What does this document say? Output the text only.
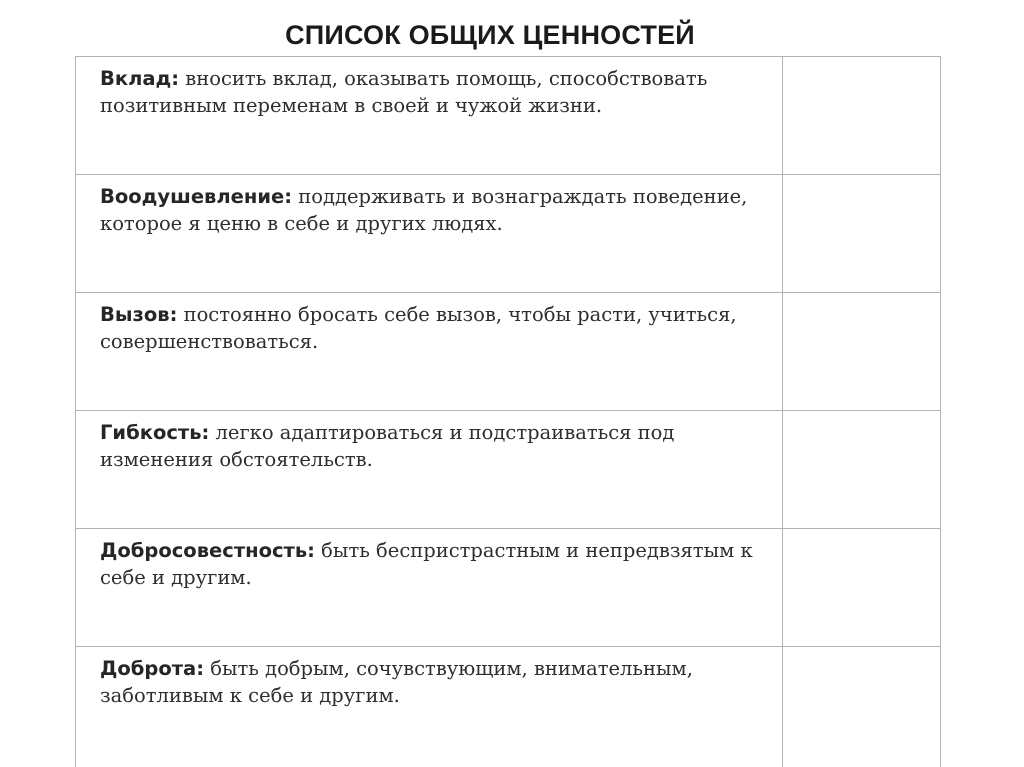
СПИСОК ОБЩИХ ЦЕННОСТЕЙ
Вклад: вносить вклад, оказывать помощь, способствовать позитивным переменам в своей и чужой жизни.	

Воодушевление: поддерживать и вознаграждать поведение, которое я ценю в себе и других людях.	

Вызов: постоянно бросать себе вызов, чтобы расти, учиться, совершенствоваться.	

Гибкость: легко адаптироваться и подстраиваться под изменения обстоятельств.	

Добросовестность: быть беспристрастным и непредвзятым к себе и другим.	

Доброта: быть добрым, сочувствующим, внимательным, заботливым к себе и другим.	
